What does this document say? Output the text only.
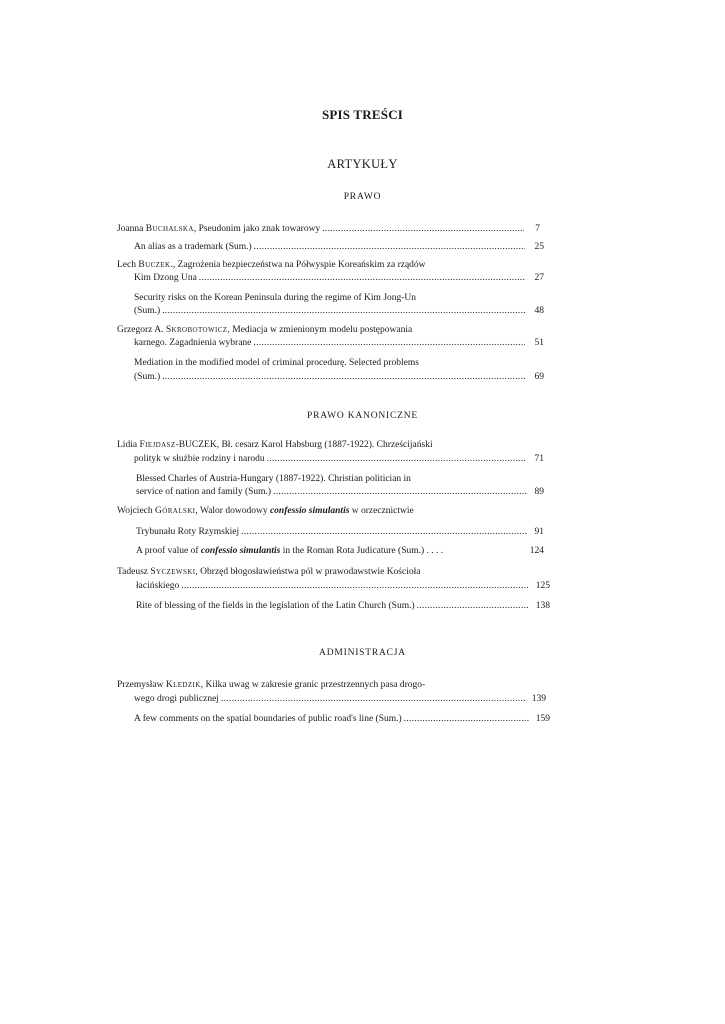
SPIS TREŚCI
ARTYKUŁY
PRAWO
Joanna Buchalska, Pseudonim jako znak towarowy .....	7
An alias as a trademark (Sum.) .....	25
Lech Buczek., Zagrożenia bezpieczeństwa na Półwyspie Koreańskim za rządów
Kim Dzong Una .....	27
Security risks on the Korean Peninsula during the regime of Kim Jong-Un
(Sum.) .....	48
Grzegorz A. Skrobotowicz, Mediacja w zmienionym modelu postępowania
karnego. Zagadnienia wybrane .....	51
Mediation in the modified model of criminal procedurę. Selected problems
(Sum.) .....	69
PRAWO KANONICZNE
Lidia Fiejdasz-BUCZEK, Bł. cesarz Karol Habsburg (1887-1922). Chrześcijański
polityk w służbie rodziny i narodu .....	71
Blessed Charles of Austria-Hungary (1887-1922). Christian politician in
service of nation and family (Sum.) .....	89
Wojciech Góralski, Walor dowodowy confessio simulantis w orzecznictwie
Trybunału Roty Rzymskiej .....	91
A proof value of confessio simulantis in the Roman Rota Judicature (Sum.) . . . .	124
Tadeusz Syczewski, Obrzęd błogosławieństwa pól w prawodawstwie Kościoła
łacińskiego .....	125
Rite of blessing of the fields in the legislation of the Latin Church (Sum.) .....	138
ADMINISTRACJA
Przemysław Kledzik, Kilka uwag w zakresie granic przestrzennych pasa drogo-
wego drogi publicznej .....	139
A few comments on the spatial boundaries of public road's line (Sum.) .....	159
